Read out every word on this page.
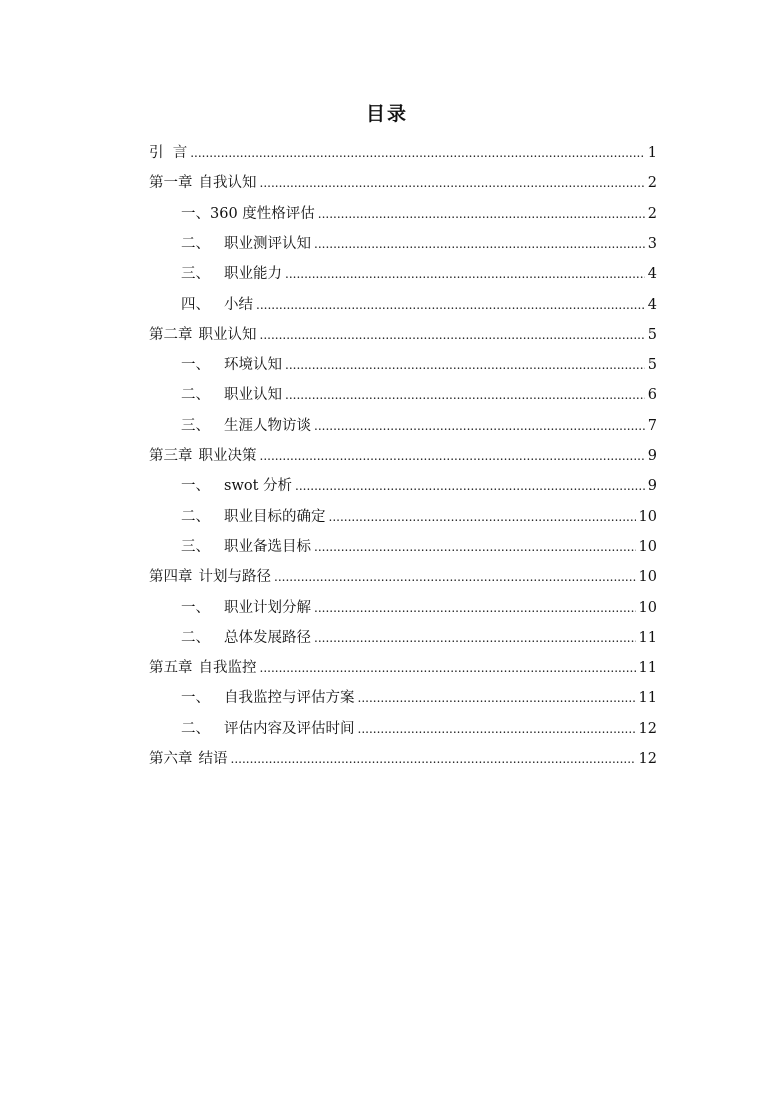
目录
引  言 .....	1
第一章 自我认知 .....	2
一、 360 度性格评估 .....	2
二、 职业测评认知 .....	3
三、 职业能力 .....	4
四、 小结 .....	4
第二章 职业认知 .....	5
一、 环境认知 .....	5
二、 职业认知 .....	6
三、 生涯人物访谈 .....	7
第三章 职业决策 .....	9
一、 swot 分析 .....	9
二、 职业目标的确定 .....	10
三、 职业备选目标 .....	10
第四章 计划与路径 .....	10
一、 职业计划分解 .....	10
二、 总体发展路径 .....	11
第五章 自我监控 .....	11
一、 自我监控与评估方案 .....	11
二、 评估内容及评估时间 .....	12
第六章 结语 .....	12
